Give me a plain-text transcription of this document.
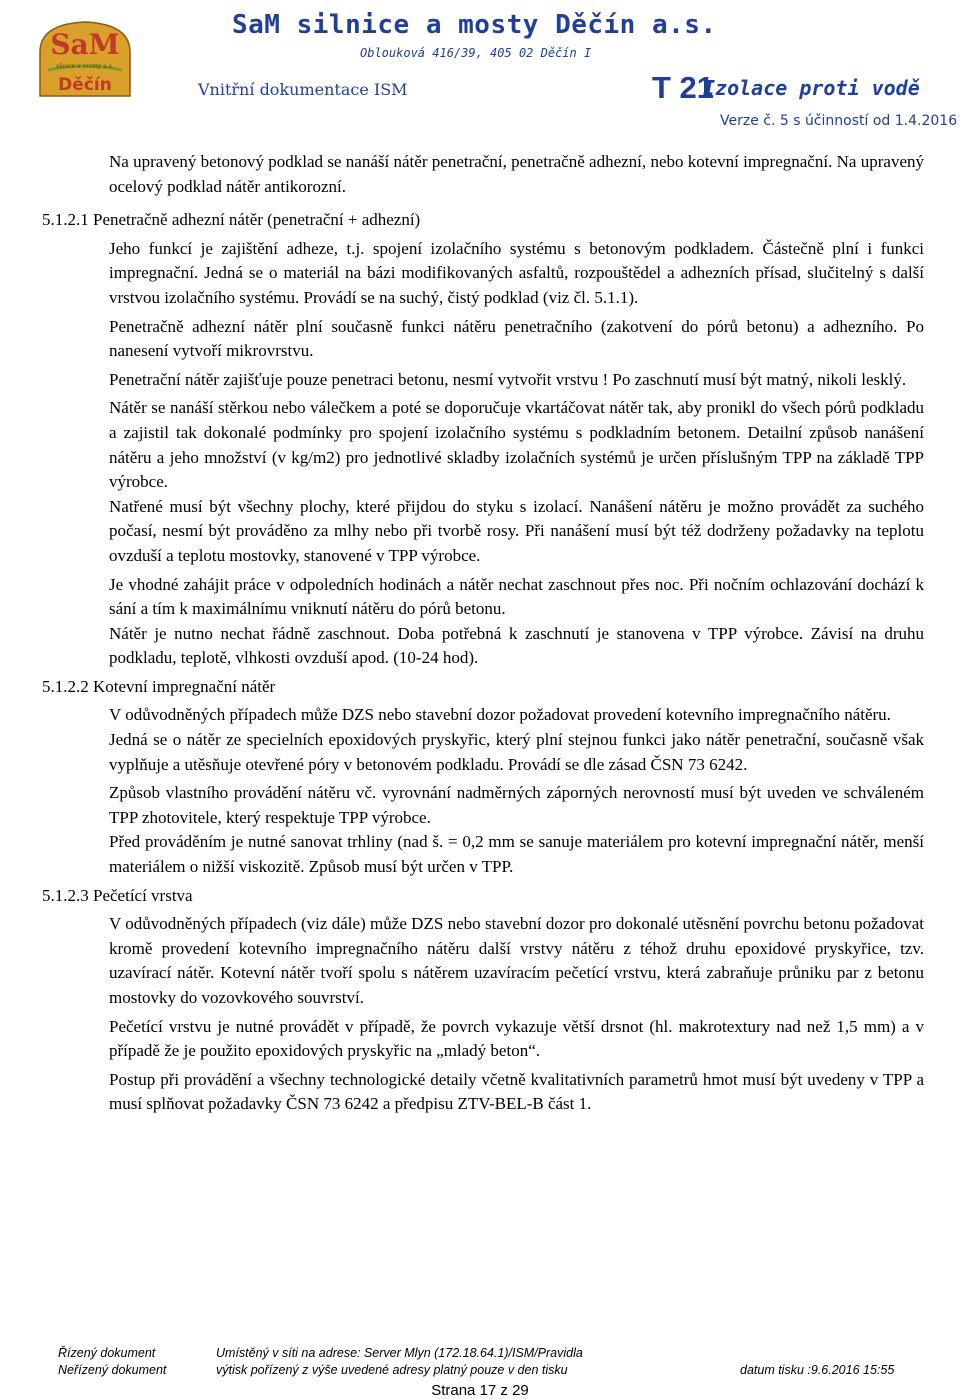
SaM
silnice a mosty a.s.
Děčín
SaM silnice a mosty Děčín a.s.
Oblouková 416/39, 405 02 Děčín I
Vnitřní dokumentace ISM	T 21
Izolace proti vodě
Verze č. 5 s účinností od 1.4.2016

Na upravený betonový podklad se nanáší nátěr penetrační, penetračně adhezní, nebo kotevní impregnační. Na upravený ocelový podklad nátěr antikorozní.

5.1.2.1 Penetračně adhezní nátěr (penetrační + adhezní)

Jeho funkcí je zajištění adheze, t.j. spojení izolačního systému s betonovým podkladem. Částečně plní i funkci impregnační. Jedná se o materiál na bázi modifikovaných asfaltů, rozpouštědel a adhezních přísad, slučitelný s další vrstvou izolačního systému. Provádí se na suchý, čistý podklad (viz čl. 5.1.1).

Penetračně adhezní nátěr plní současně funkci nátěru penetračního (zakotvení do pórů betonu) a adhezního. Po nanesení vytvoří mikrovrstvu.

Penetrační nátěr zajišťuje pouze penetraci betonu, nesmí vytvořit vrstvu ! Po zaschnutí musí být matný, nikoli lesklý.

Nátěr se nanáší stěrkou nebo válečkem a poté se doporučuje vkartáčovat nátěr tak, aby pronikl do všech pórů podkladu a zajistil tak dokonalé podmínky pro spojení izolačního systému s podkladním betonem. Detailní způsob nanášení nátěru a jeho množství (v kg/m2) pro jednotlivé skladby izolačních systémů je určen příslušným TPP na základě TPP výrobce.

Natřené musí být všechny plochy, které přijdou do styku s izolací. Nanášení nátěru je možno provádět za suchého počasí, nesmí být prováděno za mlhy nebo při tvorbě rosy. Při nanášení musí být též dodrženy požadavky na teplotu ovzduší a teplotu mostovky, stanovené v TPP výrobce.

Je vhodné zahájit práce v odpoledních hodinách a nátěr nechat zaschnout přes noc. Při nočním ochlazování dochází k sání a tím k maximálnímu vniknutí nátěru do pórů betonu.

Nátěr je nutno nechat řádně zaschnout. Doba potřebná k zaschnutí je stanovena v TPP výrobce. Závisí na druhu podkladu, teplotě, vlhkosti ovzduší apod. (10-24 hod).

5.1.2.2 Kotevní impregnační nátěr

V odůvodněných případech může DZS nebo stavební dozor požadovat provedení kotevního impregnačního nátěru.

Jedná se o nátěr ze specielních epoxidových pryskyřic, který plní stejnou funkci jako nátěr penetrační, současně však vyplňuje a utěsňuje otevřené póry v betonovém podkladu. Provádí se dle zásad ČSN 73 6242.

Způsob vlastního provádění nátěru vč. vyrovnání nadměrných záporných nerovností musí být uveden ve schváleném TPP zhotovitele, který respektuje TPP výrobce.

Před prováděním je nutné sanovat trhliny (nad š. = 0,2 mm se sanuje materiálem pro kotevní impregnační nátěr, menší materiálem o nižší viskozitě. Způsob musí být určen v TPP.

5.1.2.3 Pečetící vrstva

V odůvodněných případech (viz dále) může DZS nebo stavební dozor pro dokonalé utěsnění povrchu betonu požadovat kromě provedení kotevního impregnačního nátěru další vrstvy nátěru z téhož druhu epoxidové pryskyřice, tzv. uzavírací nátěr. Kotevní nátěr tvoří spolu s nátěrem uzavíracím pečetící vrstvu, která zabraňuje průniku par z betonu mostovky do vozovkového souvrství.

Pečetící vrstvu je nutné provádět v případě, že povrch vykazuje větší drsnot (hl. makrotextury nad než 1,5 mm) a v případě že je použito epoxidových pryskyřic na „mladý beton“.

Postup při provádění a všechny technologické detaily včetně kvalitativních parametrů hmot musí být uvedeny v TPP a musí splňovat požadavky ČSN 73 6242 a předpisu ZTV-BEL-B část 1.

Řízený dokument
Neřízený dokument
Umístěný v síti na adrese: Server Mlyn (172.18.64.1)/ISM/Pravidla
výtisk pořízený z výše uvedené adresy platný pouze v den tisku	datum tisku :9.6.2016 15:55
Strana 17 z 29
